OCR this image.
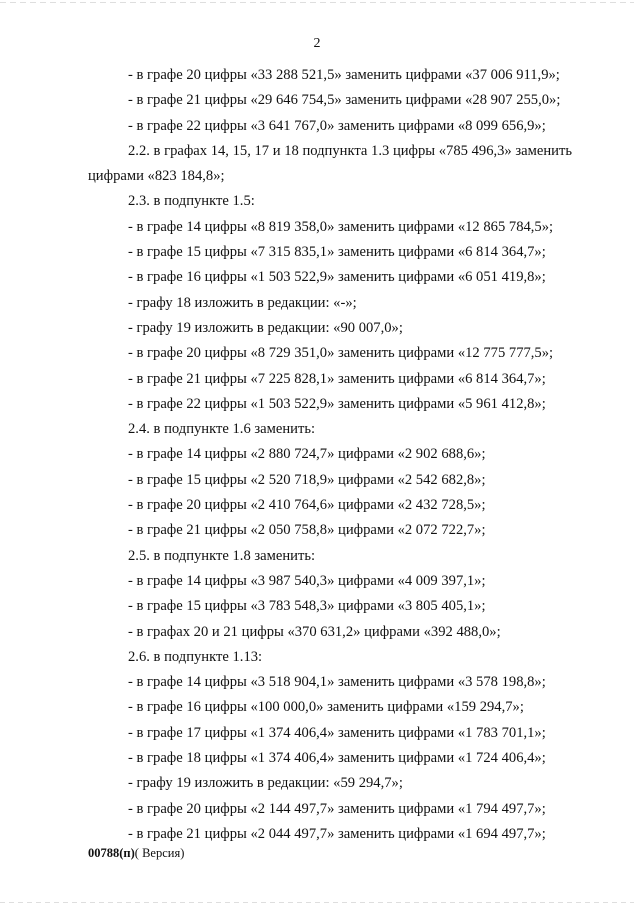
2
- в графе 20 цифры «33 288 521,5» заменить цифрами «37 006 911,9»;
- в графе 21 цифры «29 646 754,5» заменить цифрами «28 907 255,0»;
- в графе 22 цифры «3 641 767,0» заменить цифрами «8 099 656,9»;
2.2. в графах 14, 15, 17 и 18 подпункта 1.3 цифры «785 496,3» заменить
цифрами «823 184,8»;
2.3. в подпункте 1.5:
- в графе 14 цифры «8 819 358,0» заменить цифрами «12 865 784,5»;
- в графе 15 цифры «7 315 835,1» заменить цифрами «6 814 364,7»;
- в графе 16 цифры «1 503 522,9» заменить цифрами «6 051 419,8»;
- графу 18 изложить в редакции: «-»;
- графу 19 изложить в редакции: «90 007,0»;
- в графе 20 цифры «8 729 351,0» заменить цифрами «12 775 777,5»;
- в графе 21 цифры «7 225 828,1» заменить цифрами «6 814 364,7»;
- в графе 22 цифры «1 503 522,9» заменить цифрами «5 961 412,8»;
2.4. в подпункте 1.6 заменить:
- в графе 14 цифры «2 880 724,7» цифрами «2 902 688,6»;
- в графе 15 цифры «2 520 718,9» цифрами «2 542 682,8»;
- в графе 20 цифры «2 410 764,6» цифрами «2 432 728,5»;
- в графе 21 цифры «2 050 758,8» цифрами «2 072 722,7»;
2.5. в подпункте 1.8 заменить:
- в графе 14 цифры «3 987 540,3» цифрами «4 009 397,1»;
- в графе 15 цифры «3 783 548,3» цифрами «3 805 405,1»;
- в графах 20 и 21 цифры «370 631,2» цифрами «392 488,0»;
2.6. в подпункте 1.13:
- в графе 14 цифры «3 518 904,1» заменить цифрами «3 578 198,8»;
- в графе 16 цифры «100 000,0» заменить цифрами «159 294,7»;
- в графе 17 цифры «1 374 406,4» заменить цифрами «1 783 701,1»;
- в графе 18 цифры «1 374 406,4» заменить цифрами «1 724 406,4»;
- графу 19 изложить в редакции: «59 294,7»;
- в графе 20 цифры «2 144 497,7» заменить цифрами «1 794 497,7»;
- в графе 21 цифры «2 044 497,7» заменить цифрами «1 694 497,7»;
00788(п)( Версия)
